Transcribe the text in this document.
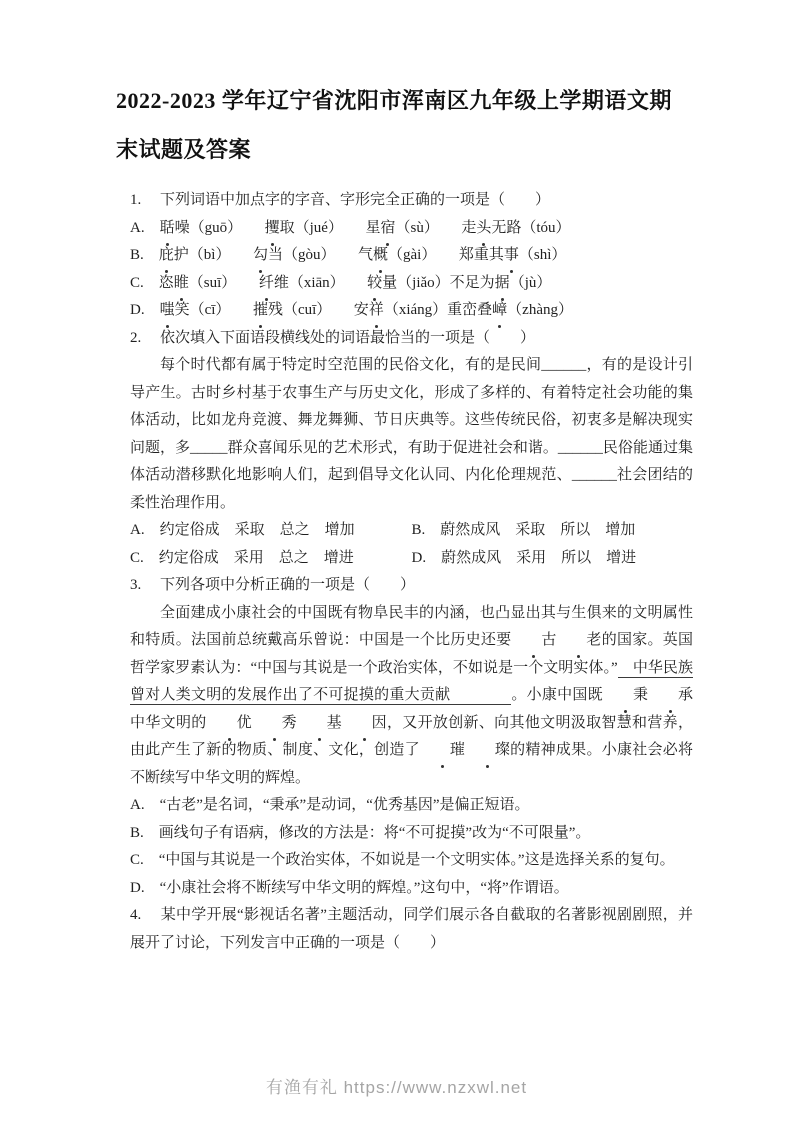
2022-2023 学年辽宁省沈阳市浑南区九年级上学期语文期末试题及答案
1.　 下列词语中加点字的字音、字形完全正确的一项是（　　）
A.　聒噪（guō）　　攫取（jué）　　星宿（sù）　　走头无路（tóu）
B.　庇护（bì）　　勾当（gòu）　　气概（gài）　　郑重其事（shì）
C.　恣睢（suī）　　纤维（xiān）　　较量（jiǎo）不足为据（jù）
D.　嗤笑（cī）　　摧残（cuī）　　安祥（xiáng）重峦叠嶂（zhàng）
2.　 依次填入下面语段横线处的词语最恰当的一项是（　　）
每个时代都有属于特定时空范围的民俗文化，有的是民间______，有的是设计引导产生。古时乡村基于农事生产与历史文化，形成了多样的、有着特定社会功能的集体活动，比如龙舟竞渡、舞龙舞狮、节日庆典等。这些传统民俗，初衷多是解决现实问题，多_____群众喜闻乐见的艺术形式，有助于促进社会和谐。______民俗能通过集体活动潜移默化地影响人们，起到倡导文化认同、内化伦理规范、______社会团结的柔性治理作用。
A.　约定俗成　采取　总之　增加	B.　蔚然成风　采取　所以　增加
C.　约定俗成　采用　总之　增进	D.　蔚然成风　采用　所以　增进
3.　 下列各项中分析正确的一项是（　　）
全面建成小康社会的中国既有物阜民丰的内涵，也凸显出其与生俱来的文明属性和特质。法国前总统戴高乐曾说：中国是一个比历史还要 古 老的国家。英国哲学家罗素认为：“中国与其说是一个政治实体，不如说是一个文明实体。”　中华民族曾对人类文明的发展作出了不可捉摸的重大贡献　　　　。小康中国既 秉 承中华文明的 优 秀 基 因，又开放创新、向其他文明汲取智慧和营养，由此产生了新的物质、制度、文化，创造了 璀 璨的精神成果。小康社会必将不断续写中华文明的辉煌。
A.　“古老”是名词，“秉承”是动词，“优秀基因”是偏正短语。
B.　画线句子有语病，修改的方法是：将“不可捉摸”改为“不可限量”。
C.　“中国与其说是一个政治实体，不如说是一个文明实体。”这是选择关系的复句。
D.　“小康社会将不断续写中华文明的辉煌。”这句中，“将”作谓语。
4.　 某中学开展“影视话名著”主题活动，同学们展示各自截取的名著影视剧剧照，并展开了讨论，下列发言中正确的一项是（　　）
有渔有礼 https://www.nzxwl.net
